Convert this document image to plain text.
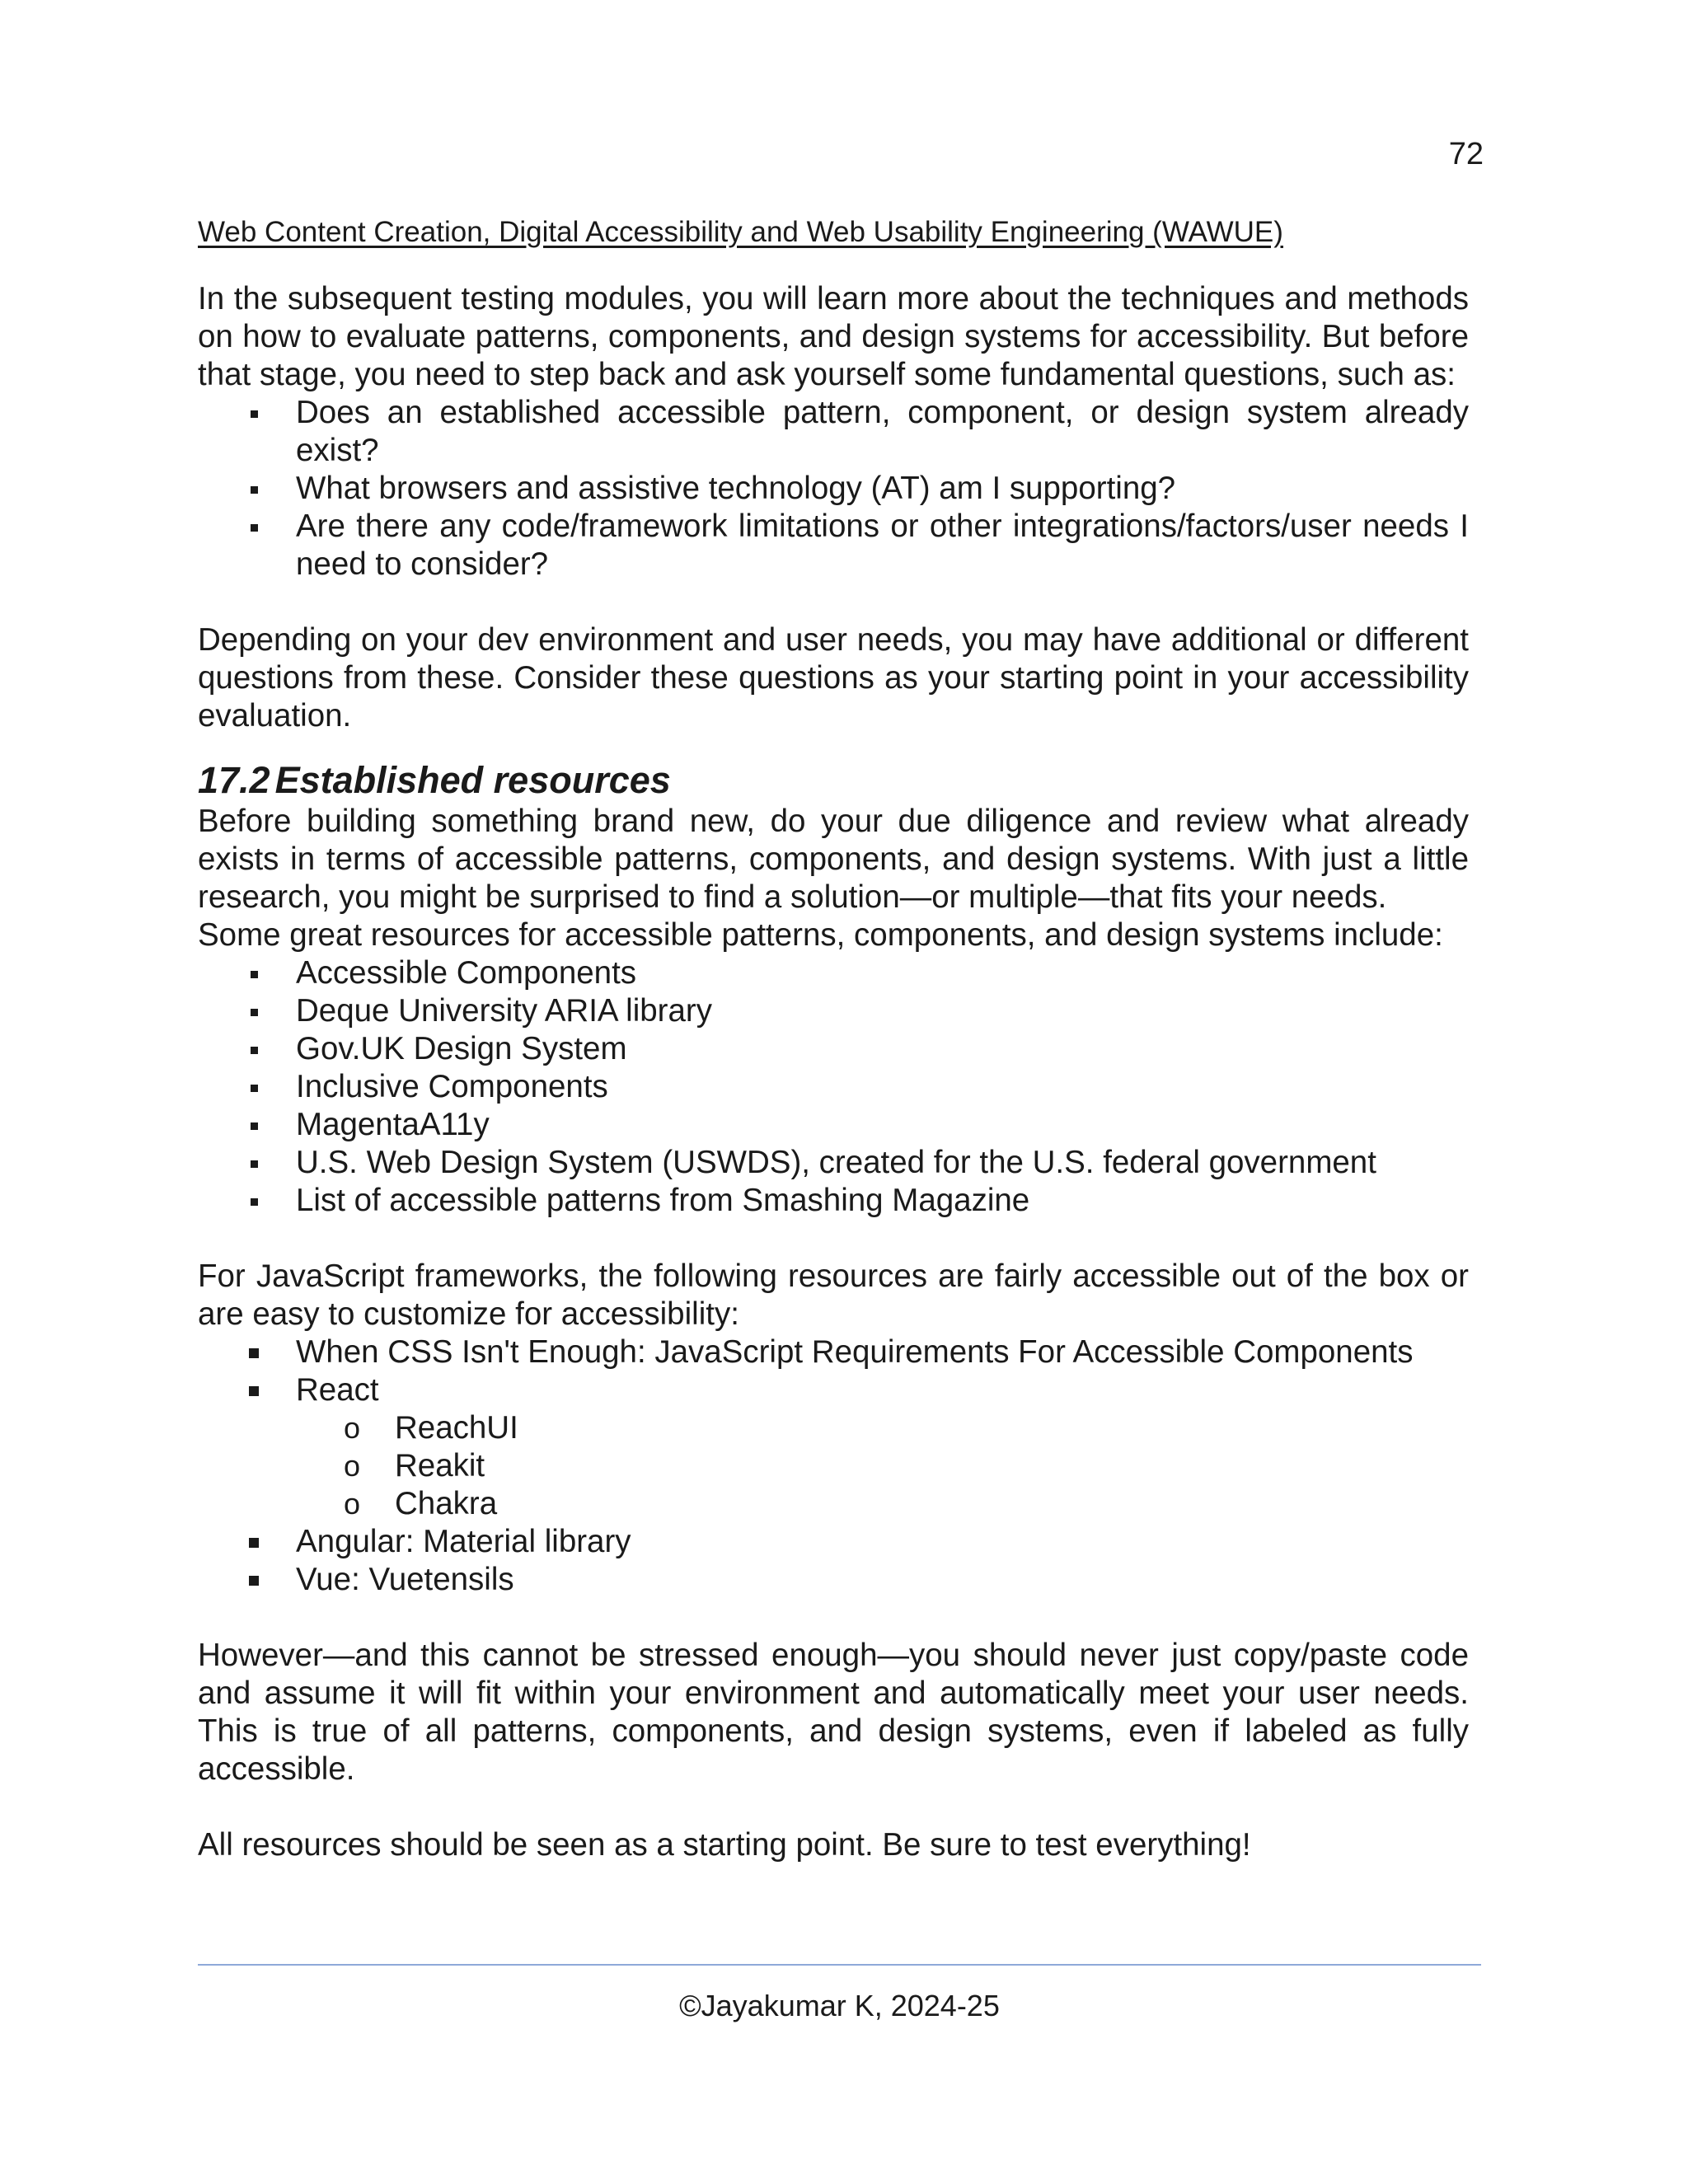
72
Web Content Creation, Digital Accessibility and Web Usability Engineering (WAWUE)

In the subsequent testing modules, you will learn more about the techniques and methods on how to evaluate patterns, components, and design systems for accessibility. But before that stage, you need to step back and ask yourself some fundamental questions, such as:

Does an established accessible pattern, component, or design system already exist?
What browsers and assistive technology (AT) am I supporting?
Are there any code/framework limitations or other integrations/factors/user needs I need to consider?

Depending on your dev environment and user needs, you may have additional or different questions from these. Consider these questions as your starting point in your accessibility evaluation.

17.2 Established resources

Before building something brand new, do your due diligence and review what already exists in terms of accessible patterns, components, and design systems. With just a little research, you might be surprised to find a solution—or multiple—that fits your needs.

Some great resources for accessible patterns, components, and design systems include:

Accessible Components
Deque University ARIA library
Gov.UK Design System
Inclusive Components
MagentaA11y
U.S. Web Design System (USWDS), created for the U.S. federal government
List of accessible patterns from Smashing Magazine

For JavaScript frameworks, the following resources are fairly accessible out of the box or are easy to customize for accessibility:

When CSS Isn't Enough: JavaScript Requirements For Accessible Components
React
o ReachUI
o Reakit
o Chakra
Angular: Material library
Vue: Vuetensils

However—and this cannot be stressed enough—you should never just copy/paste code and assume it will fit within your environment and automatically meet your user needs. This is true of all patterns, components, and design systems, even if labeled as fully accessible.

All resources should be seen as a starting point. Be sure to test everything!

©Jayakumar K, 2024-25
